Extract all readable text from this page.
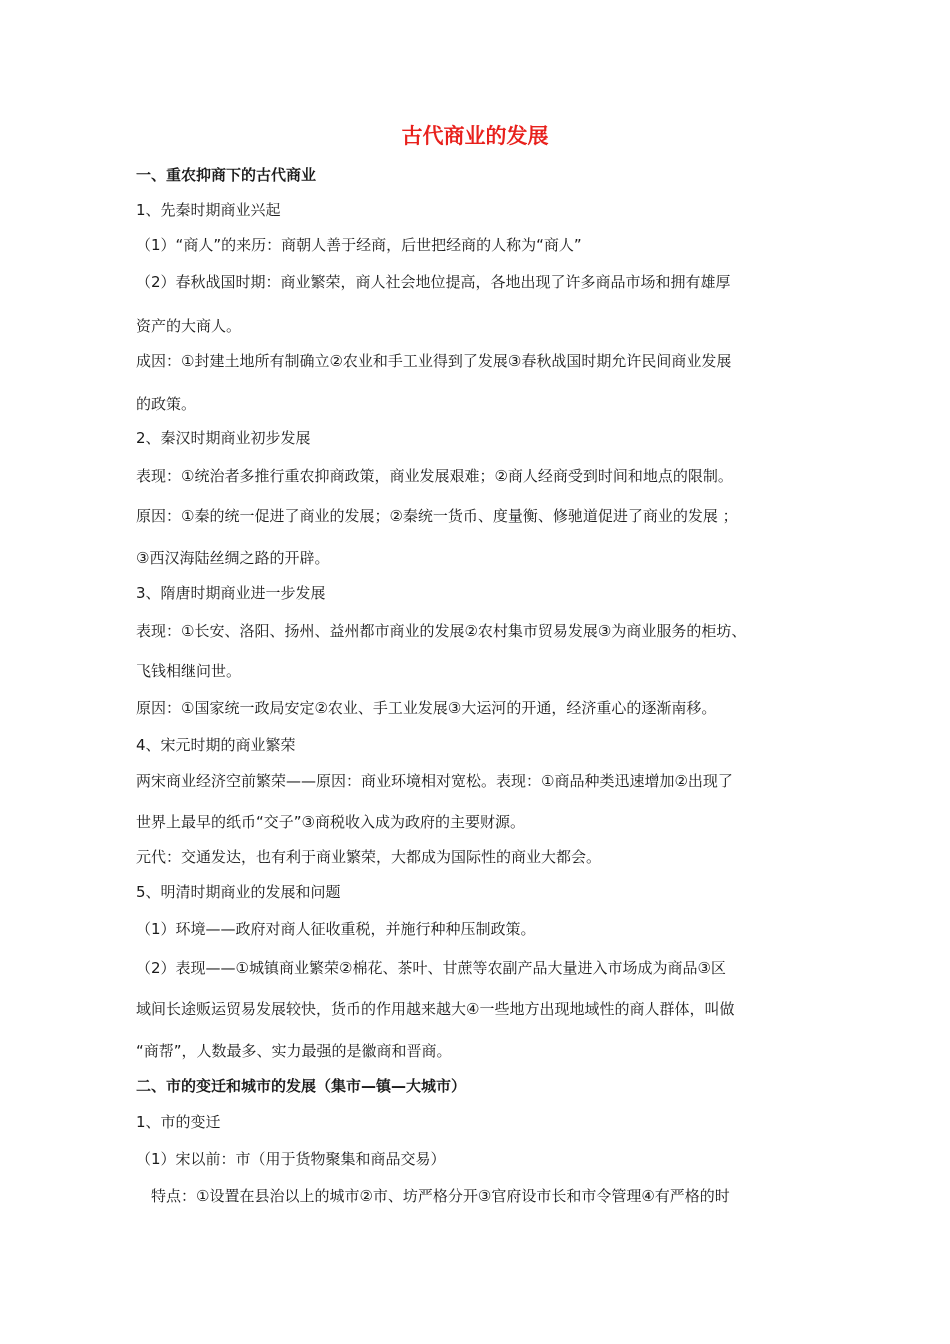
古代商业的发展
一、重农抑商下的古代商业
1、先秦时期商业兴起
（1）“商人”的来历：商朝人善于经商，后世把经商的人称为“商人”
（2）春秋战国时期：商业繁荣，商人社会地位提高，各地出现了许多商品市场和拥有雄厚
资产的大商人。
成因：①封建土地所有制确立②农业和手工业得到了发展③春秋战国时期允许民间商业发展
的政策。
2、秦汉时期商业初步发展
表现：①统治者多推行重农抑商政策，商业发展艰难；②商人经商受到时间和地点的限制。
原因：①秦的统一促进了商业的发展；②秦统一货币、度量衡、修驰道促进了商业的发展 ；
③西汉海陆丝绸之路的开辟。
3、隋唐时期商业进一步发展
表现：①长安、洛阳、扬州、益州都市商业的发展②农村集市贸易发展③为商业服务的柜坊、
飞钱相继问世。
原因：①国家统一政局安定②农业、手工业发展③大运河的开通，经济重心的逐渐南移。
4、宋元时期的商业繁荣
两宋商业经济空前繁荣——原因：商业环境相对宽松。表现：①商品种类迅速增加②出现了
世界上最早的纸币“交子”③商税收入成为政府的主要财源。
元代：交通发达，也有利于商业繁荣，大都成为国际性的商业大都会。
5、明清时期商业的发展和问题
（1）环境——政府对商人征收重税，并施行种种压制政策。
（2）表现——①城镇商业繁荣②棉花、茶叶、甘蔗等农副产品大量进入市场成为商品③区
域间长途贩运贸易发展较快，货币的作用越来越大④一些地方出现地域性的商人群体，叫做
“商帮”，人数最多、实力最强的是徽商和晋商。
二、市的变迁和城市的发展（集市—镇—大城市）
1、市的变迁
（1）宋以前：市（用于货物聚集和商品交易）
　特点：①设置在县治以上的城市②市、坊严格分开③官府设市长和市令管理④有严格的时
